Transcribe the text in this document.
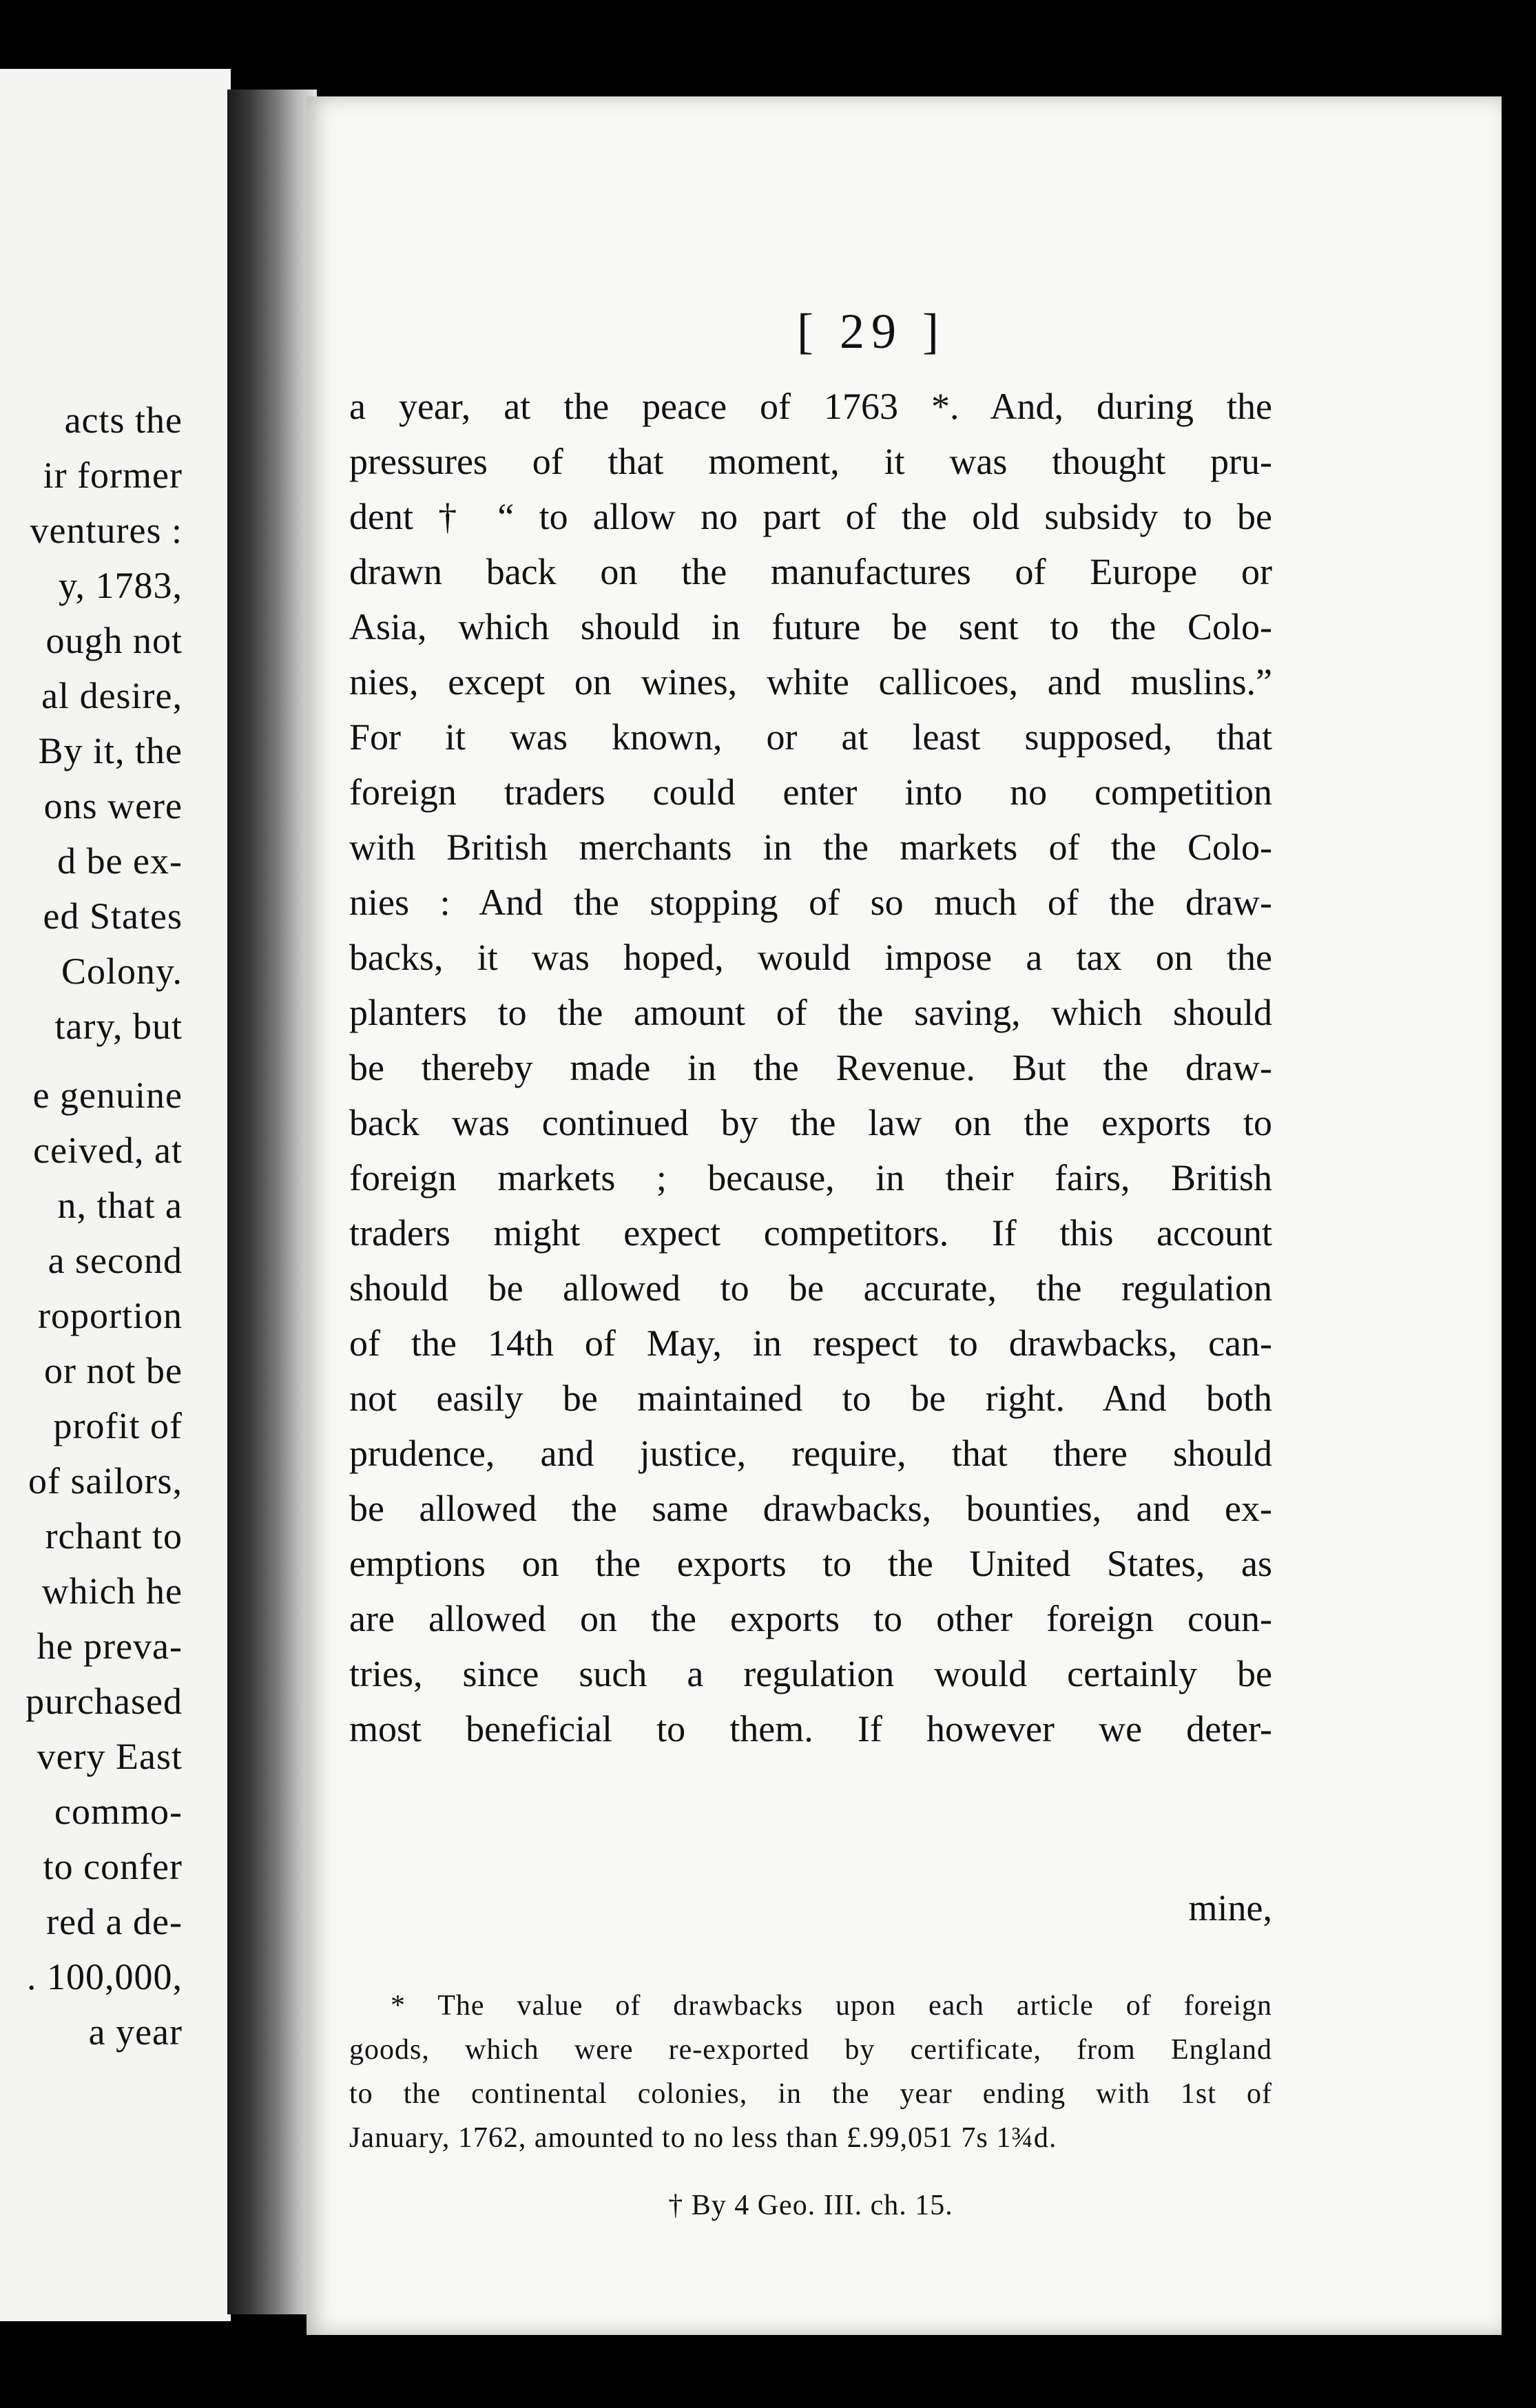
acts the
ir former
ventures :
y, 1783,
ough not
al desire,
By it, the
ons were
d be ex-
ed States
Colony.
tary, but
e genuine
ceived, at
n, that a
a second
roportion
or not be
profit of
of sailors,
rchant to
which he
he preva-
purchased
very East
commo-
to confer
red a de-
. 100,000,
a year
[ 29 ]
a year, at the peace of 1763 *. And, during the
pressures of that moment, it was thought pru-
dent † “ to allow no part of the old subsidy to be
drawn back on the manufactures of Europe or
Asia, which should in future be sent to the Colo-
nies, except on wines, white callicoes, and muslins.”
For it was known, or at least supposed, that
foreign traders could enter into no competition
with British merchants in the markets of the Colo-
nies : And the stopping of so much of the draw-
backs, it was hoped, would impose a tax on the
planters to the amount of the saving, which should
be thereby made in the Revenue. But the draw-
back was continued by the law on the exports to
foreign markets ; because, in their fairs, British
traders might expect competitors. If this account
should be allowed to be accurate, the regulation
of the 14th of May, in respect to drawbacks, can-
not easily be maintained to be right. And both
prudence, and justice, require, that there should
be allowed the same drawbacks, bounties, and ex-
emptions on the exports to the United States, as
are allowed on the exports to other foreign coun-
tries, since such a regulation would certainly be
most beneficial to them. If however we deter-
mine,
* The value of drawbacks upon each article of foreign
goods, which were re-exported by certificate, from England
to the continental colonies, in the year ending with 1st of
January, 1762, amounted to no less than £.99,051 7s 1¾d.
† By 4 Geo. III. ch. 15.
